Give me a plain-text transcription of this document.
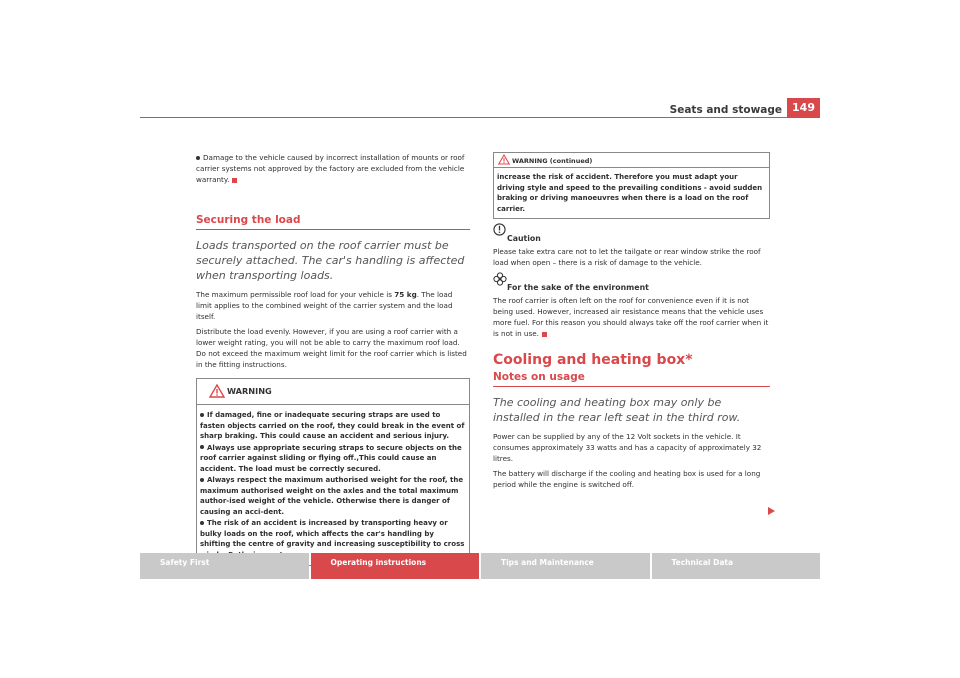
Seats and stowage 149

Damage to the vehicle caused by incorrect installation of mounts or roof carrier systems not approved by the factory are excluded from the vehicle warranty.

Securing the load
Loads transported on the roof carrier must be securely attached. The car's handling is affected when transporting loads.

The maximum permissible roof load for your vehicle is 75 kg. The load limit applies to the combined weight of the carrier system and the load itself.

Distribute the load evenly. However, if you are using a roof carrier with a lower weight rating, you will not be able to carry the maximum roof load. Do not exceed the maximum weight limit for the roof carrier which is listed in the fitting instructions.

WARNING
If damaged, fine or inadequate securing straps are used to fasten objects carried on the roof, they could break in the event of sharp braking. This could cause an accident and serious injury.
Always use appropriate securing straps to secure objects on the roof carrier against sliding or flying off.,This could cause an accident. The load must be correctly secured.
Always respect the maximum authorised weight for the roof, the maximum authorised weight on the axles and the total maximum author-ised weight of the vehicle. Otherwise there is danger of causing an acci-dent.
The risk of an accident is increased by transporting heavy or bulky loads on the roof, which affects the car's handling by shifting the centre of gravity and increasing susceptibility to cross
WARNING (continued)
increase the risk of accident. Therefore you must adapt your driving style and speed to the prevailing conditions - avoid sudden braking or driving manoeuvres when there is a load on the roof carrier.
Caution

Please take extra care not to let the tailgate or rear window strike the roof load when open – there is a risk of damage to the vehicle.

For the sake of the environment

The roof carrier is often left on the roof for convenience even if it is not being used. However, increased air resistance means that the vehicle uses more fuel. For this reason you should always take off the roof carrier when it is not in use.

Cooling and heating box*
Notes on usage
The cooling and heating box may only be installed in the rear left seat in the third row.

Power can be supplied by any of the 12 Volt sockets in the vehicle. It consumes approximately 33 watts and has a capacity of approximately 32 litres.

The battery will discharge if the cooling and heating box is used for a long period while the engine is switched off.

Safety First	Operating instructions	Tips and Maintenance	Technical Data
